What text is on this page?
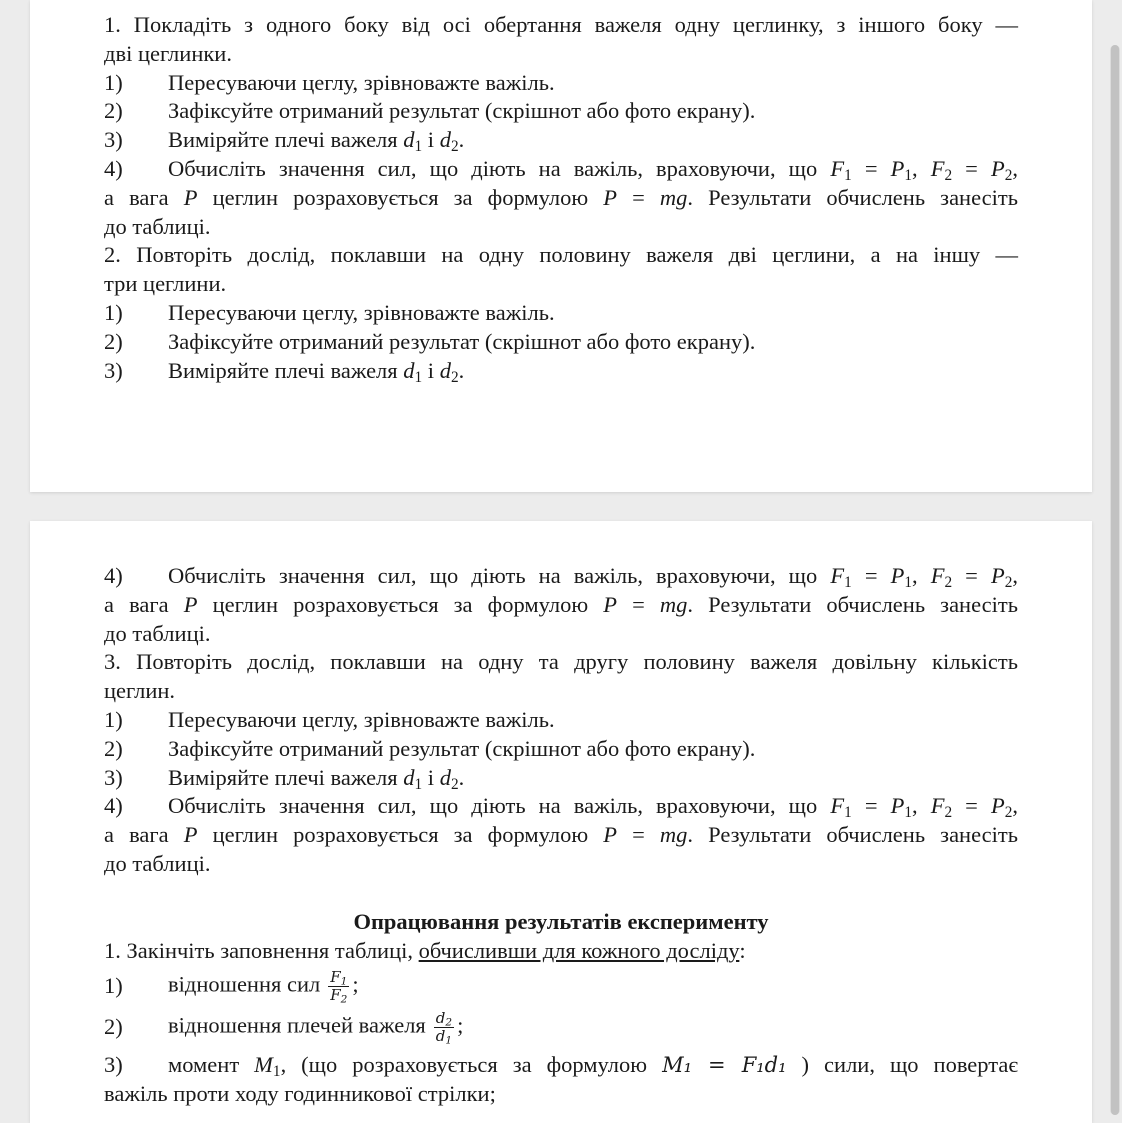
1. Покладіть з одного боку від осі обертання важеля одну цеглинку, з іншого боку —

дві цеглинки.

1)	Пересуваючи цеглу, зрівноважте важіль.
2)	Зафіксуйте отриманий результат (скрішнот або фото екрану).
3)	Виміряйте плечі важеля $d_1$ і $d_2$.
4)	Обчисліть значення сил, що діють на важіль, враховуючи, що $F_1 = P_1$, $F_2 = P_2$,

а вага P цеглин розраховується за формулою P = mg. Результати обчислень занесіть

до таблиці.

2. Повторіть дослід, поклавши на одну половину важеля дві цеглини, а на іншу —

три цеглини.

1)	Пересуваючи цеглу, зрівноважте важіль.
2)	Зафіксуйте отриманий результат (скрішнот або фото екрану).
3)	Виміряйте плечі важеля $d_1$ і $d_2$.
4)	Обчисліть значення сил, що діють на важіль, враховуючи, що $F_1 = P_1$, $F_2 = P_2$,

а вага P цеглин розраховується за формулою P = mg. Результати обчислень занесіть

до таблиці.

3. Повторіть дослід, поклавши на одну та другу половину важеля довільну кількість

цеглин.

1)	Пересуваючи цеглу, зрівноважте важіль.
2)	Зафіксуйте отриманий результат (скрішнот або фото екрану).
3)	Виміряйте плечі важеля $d_1$ і $d_2$.
4)	Обчисліть значення сил, що діють на важіль, враховуючи, що $F_1 = P_1$, $F_2 = P_2$,

а вага P цеглин розраховується за формулою P = mg. Результати обчислень занесіть

до таблиці.

Опрацювання результатів експерименту

1. Закінчіть заповнення таблиці, обчисливши для кожного досліду:

1)	відношення сил $\frac{F_1}{F_2}$ ;
2)	відношення плечей важеля $\frac{d_2}{d_1}$ ;
3)	момент $M_1$, (що розраховується за формулою M₁ = F₁d₁ ) сили, що повертає

важіль проти ходу годинникової стрілки;
